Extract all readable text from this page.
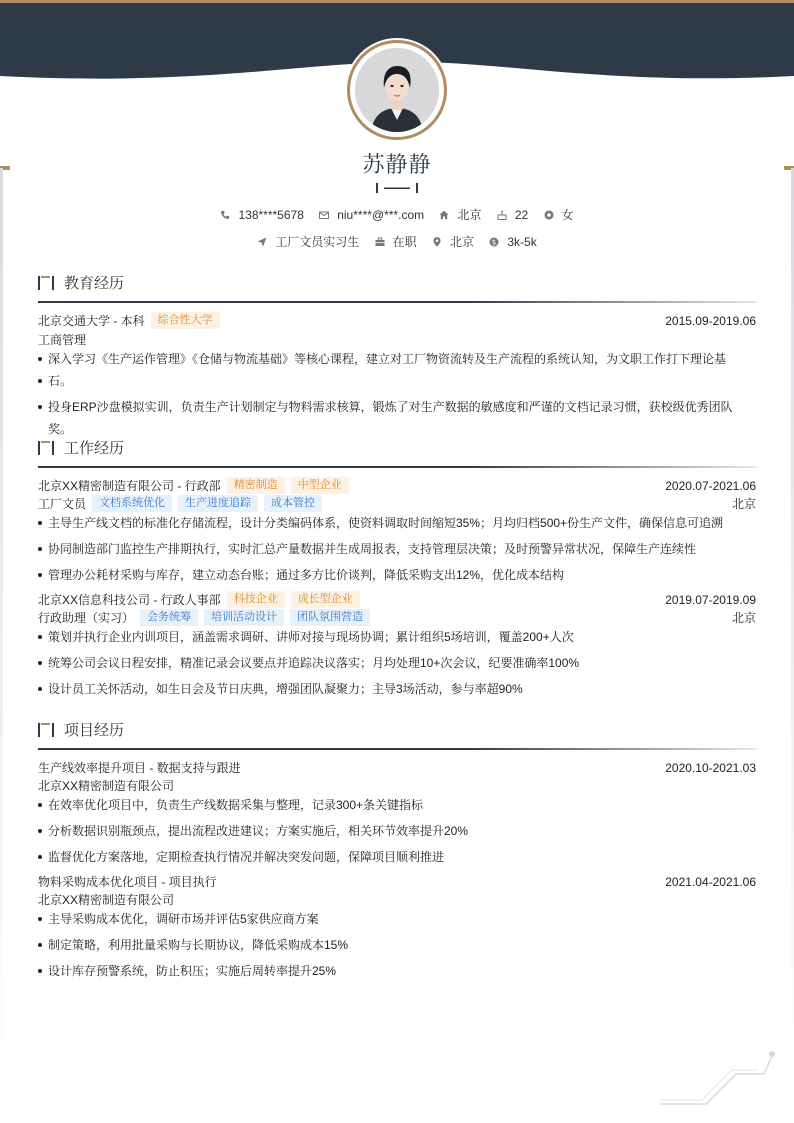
苏静静
138****5678
	niu****@***.com
	北京
	22
	女
工厂文员实习生
	在职
	北京
	$ 3k-5k
教育经历
北京交通大学 - 本科	综合性大学	2015.09-2019.06
工商管理
深入学习《生产运作管理》《仓储与物流基础》等核心课程，建立对工厂物资流转及生产流程的系统认知，为文职工作打下理论基
石。
投身ERP沙盘模拟实训，负责生产计划制定与物料需求核算，锻炼了对生产数据的敏感度和严谨的文档记录习惯，获校级优秀团队奖。
工作经历
北京XX精密制造有限公司 - 行政部	精密制造	中型企业	2020.07-2021.06
工厂文员	文档系统优化	生产进度追踪	成本管控	北京
主导生产线文档的标准化存储流程，设计分类编码体系，使资料调取时间缩短35%；月均归档500+份生产文件，确保信息可追溯
协同制造部门监控生产排期执行，实时汇总产量数据并生成周报表，支持管理层决策；及时预警异常状况，保障生产连续性
管理办公耗材采购与库存，建立动态台账；通过多方比价谈判，降低采购支出12%，优化成本结构
北京XX信息科技公司 - 行政人事部	科技企业	成长型企业	2019.07-2019.09
行政助理（实习）	会务统筹	培训活动设计	团队氛围营造	北京
策划并执行企业内训项目，涵盖需求调研、讲师对接与现场协调；累计组织5场培训，覆盖200+人次
统筹公司会议日程安排，精准记录会议要点并追踪决议落实；月均处理10+次会议，纪要准确率100%
设计员工关怀活动，如生日会及节日庆典，增强团队凝聚力；主导3场活动，参与率超90%
项目经历
生产线效率提升项目 - 数据支持与跟进	2020.10-2021.03
北京XX精密制造有限公司
在效率优化项目中，负责生产线数据采集与整理，记录300+条关键指标
分析数据识别瓶颈点，提出流程改进建议；方案实施后，相关环节效率提升20%
监督优化方案落地，定期检查执行情况并解决突发问题，保障项目顺利推进
物料采购成本优化项目 - 项目执行	2021.04-2021.06
北京XX精密制造有限公司
主导采购成本优化，调研市场并评估5家供应商方案
制定策略，利用批量采购与长期协议，降低采购成本15%
设计库存预警系统，防止积压；实施后周转率提升25%
